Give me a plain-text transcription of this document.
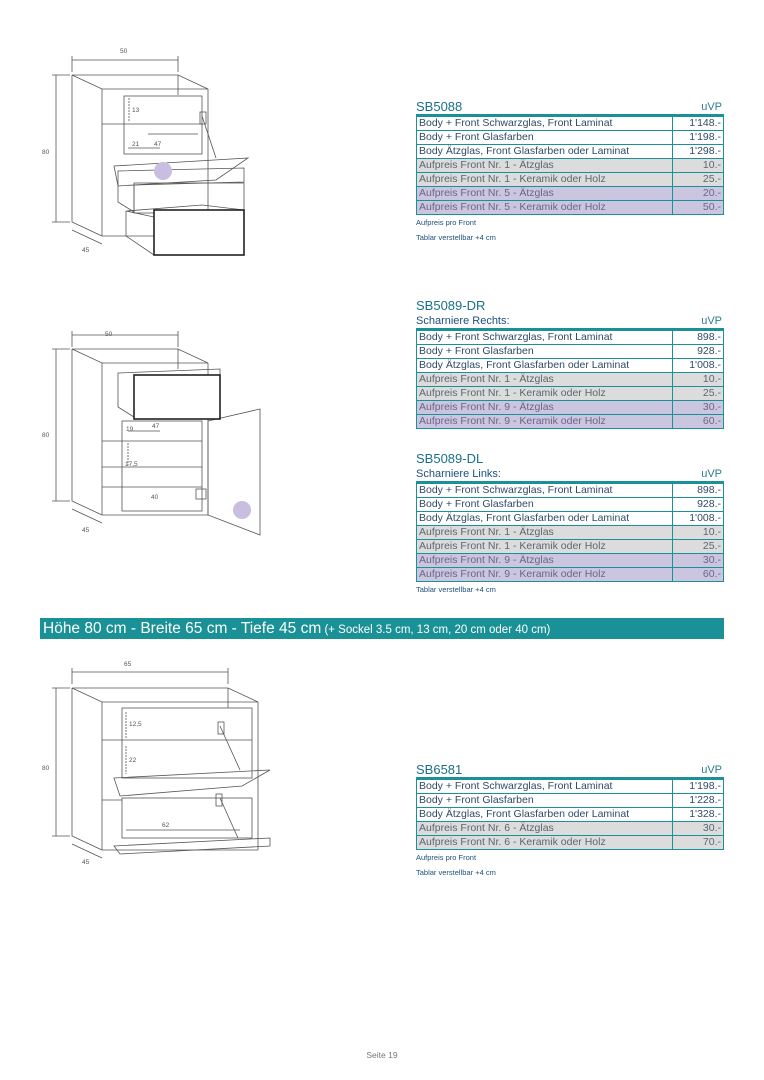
50
80
45
13
21 47
SB5088	uVP
Body + Front Schwarzglas, Front Laminat	1'148.-
Body + Front Glasfarben	1'198.-
Body Ätzglas, Front Glasfarben oder Laminat	1'298.-
Aufpreis Front Nr. 1 - Ätzglas	10.-
Aufpreis Front Nr. 1 - Keramik oder Holz	25.-
Aufpreis Front Nr. 5 - Ätzglas	20.-
Aufpreis Front Nr. 5 - Keramik oder Holz	50.-
Aufpreis pro Front
Tablar verstellbar +4 cm
50
80
45
19	47
17,5
40
SB5089-DR
Scharniere Rechts:	uVP
Body + Front Schwarzglas, Front Laminat	898.-
Body + Front Glasfarben	928.-
Body Ätzglas, Front Glasfarben oder Laminat	1'008.-
Aufpreis Front Nr. 1 - Ätzglas	10.-
Aufpreis Front Nr. 1 - Keramik oder Holz	25.-
Aufpreis Front Nr. 9 - Ätzglas	30.-
Aufpreis Front Nr. 9 - Keramik oder Holz	60.-
SB5089-DL
Scharniere Links:	uVP
Body + Front Schwarzglas, Front Laminat	898.-
Body + Front Glasfarben	928.-
Body Ätzglas, Front Glasfarben oder Laminat	1'008.-
Aufpreis Front Nr. 1 - Ätzglas	10.-
Aufpreis Front Nr. 1 - Keramik oder Holz	25.-
Aufpreis Front Nr. 9 - Ätzglas	30.-
Aufpreis Front Nr. 9 - Keramik oder Holz	60.-
Tablar verstellbar +4 cm
Höhe 80 cm - Breite 65 cm - Tiefe 45 cm (+ Sockel 3.5 cm, 13 cm, 20 cm oder 40 cm)
65
80
45
12,5
22
62
SB6581	uVP
Body + Front Schwarzglas, Front Laminat	1'198.-
Body + Front Glasfarben	1'228.-
Body Ätzglas, Front Glasfarben oder Laminat	1'328.-
Aufpreis Front Nr. 6 - Ätzglas	30.-
Aufpreis Front Nr. 6 - Keramik oder Holz	70.-
Aufpreis pro Front
Tablar verstellbar +4 cm
Seite 19
